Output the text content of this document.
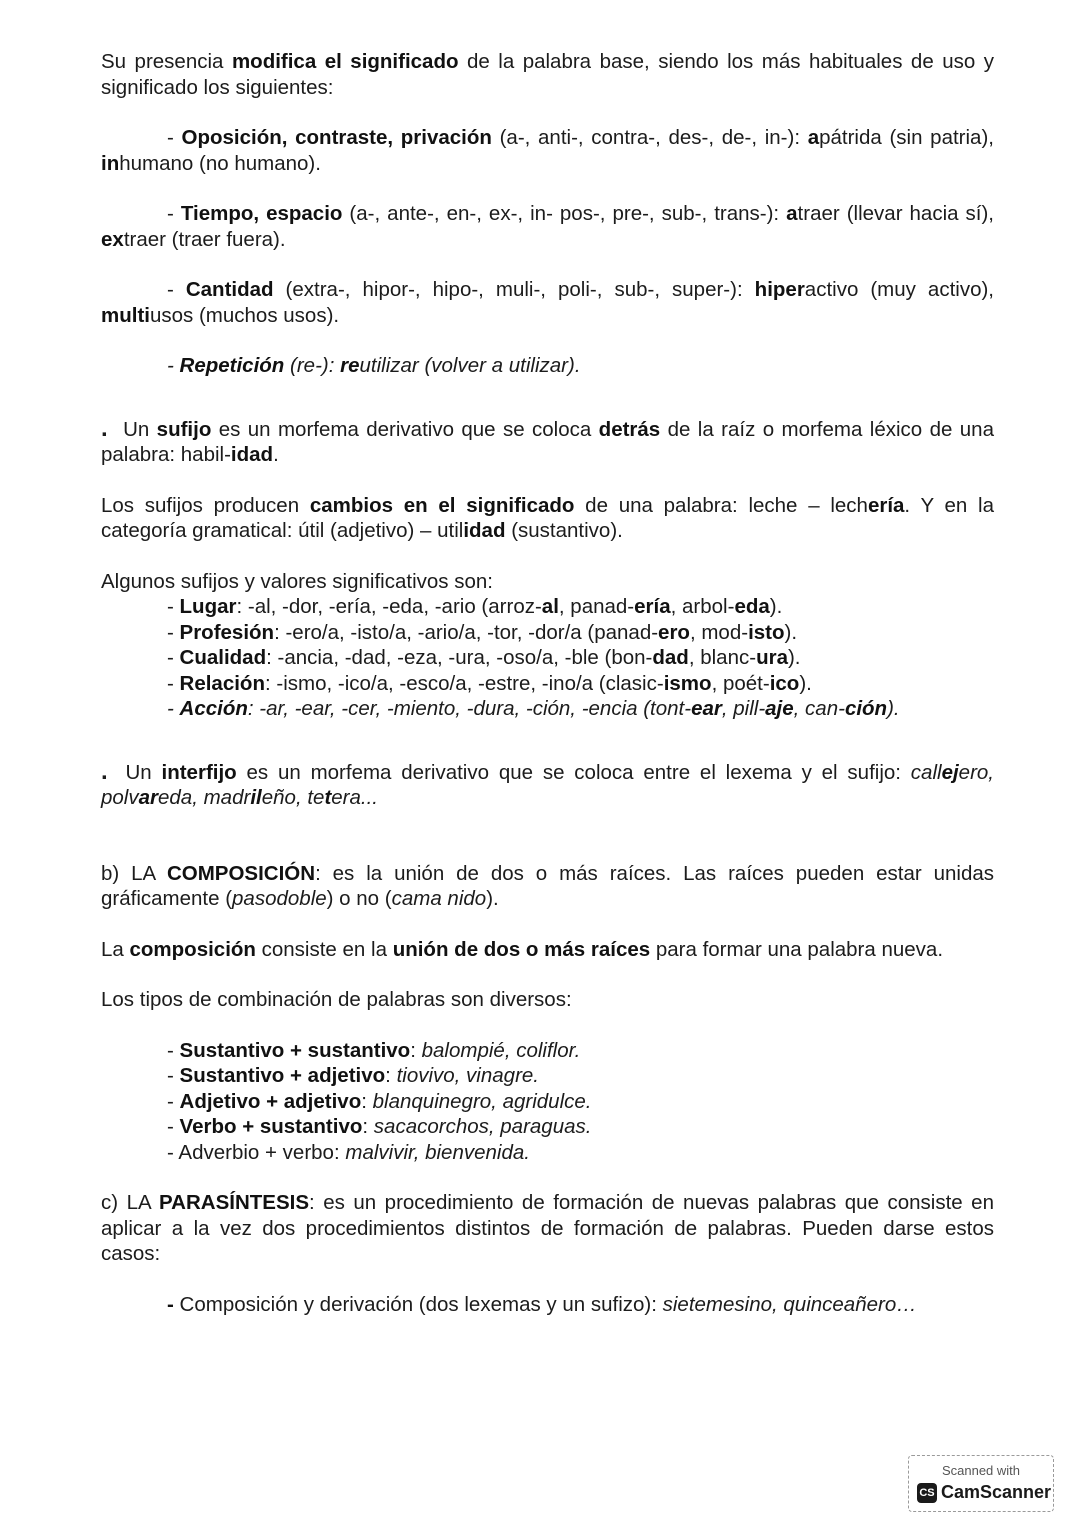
Su presencia modifica el significado de la palabra base, siendo los más habituales de uso y significado los siguientes:

- Oposición, contraste, privación (a-, anti-, contra-, des-, de-, in-): apátrida (sin patria), inhumano (no humano).

- Tiempo, espacio (a-, ante-, en-, ex-, in- pos-, pre-, sub-, trans-): atraer (llevar hacia sí), extraer (traer fuera).

- Cantidad (extra-, hipor-, hipo-, muli-, poli-, sub-, super-): hiperactivo (muy activo), multiusos (muchos usos).

- Repetición (re-): reutilizar (volver a utilizar).

. Un sufijo es un morfema derivativo que se coloca detrás de la raíz o morfema léxico de una palabra: habil-idad.

Los sufijos producen cambios en el significado de una palabra: leche – lechería. Y en la categoría gramatical: útil (adjetivo) – utilidad (sustantivo).

Algunos sufijos y valores significativos son:

- Lugar: -al, -dor, -ería, -eda, -ario (arroz-al, panad-ería, arbol-eda).
- Profesión: -ero/a, -isto/a, -ario/a, -tor, -dor/a (panad-ero, mod-isto).
- Cualidad: -ancia, -dad, -eza, -ura, -oso/a, -ble (bon-dad, blanc-ura).
- Relación: -ismo, -ico/a, -esco/a, -estre, -ino/a (clasic-ismo, poét-ico).
- Acción: -ar, -ear, -cer, -miento, -dura, -ción, -encia (tont-ear, pill-aje, can-ción).

. Un interfijo es un morfema derivativo que se coloca entre el lexema y el sufijo: callejero, polvareda, madrileño, tetera...

b) LA COMPOSICIÓN: es la unión de dos o más raíces. Las raíces pueden estar unidas gráficamente (pasodoble) o no (cama nido).

La composición consiste en la unión de dos o más raíces para formar una palabra nueva.

Los tipos de combinación de palabras son diversos:

- Sustantivo + sustantivo: balompié, coliflor.
- Sustantivo + adjetivo: tiovivo, vinagre.
- Adjetivo + adjetivo: blanquinegro, agridulce.
- Verbo + sustantivo: sacacorchos, paraguas.
- Adverbio + verbo: malvivir, bienvenida.

c) LA PARASÍNTESIS: es un procedimiento de formación de nuevas palabras que consiste en aplicar a la vez dos procedimientos distintos de formación de palabras. Pueden darse estos casos:

- Composición y derivación (dos lexemas y un sufizo): sietemesino, quinceañero…

Scanned with
CS CamScanner
